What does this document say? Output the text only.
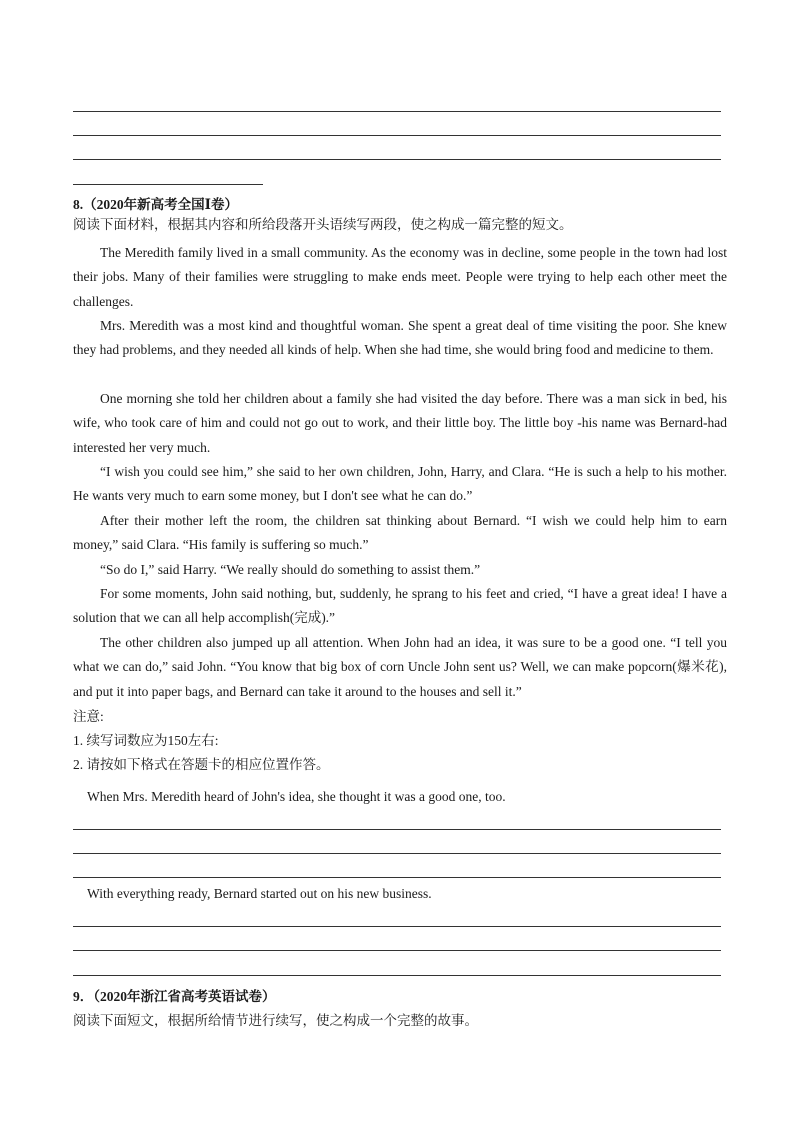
8.（2020年新高考全国Ⅰ卷）
阅读下面材料，根据其内容和所给段落开头语续写两段，使之构成一篇完整的短文。
The Meredith family lived in a small community. As the economy was in decline, some people in the town had lost their jobs. Many of their families were struggling to make ends meet. People were trying to help each other meet the challenges.
Mrs. Meredith was a most kind and thoughtful woman. She spent a great deal of time visiting the poor. She knew they had problems, and they needed all kinds of help. When she had time, she would bring food and medicine to them.
One morning she told her children about a family she had visited the day before. There was a man sick in bed, his wife, who took care of him and could not go out to work, and their little boy. The little boy -his name was Bernard-had interested her very much.
“I wish you could see him,” she said to her own children, John, Harry, and Clara. “He is such a help to his mother. He wants very much to earn some money, but I don't see what he can do.”
After their mother left the room, the children sat thinking about Bernard. “I wish we could help him to earn money,” said Clara. “His family is suffering so much.”
“So do I,” said Harry. “We really should do something to assist them.”
For some moments, John said nothing, but, suddenly, he sprang to his feet and cried, “I have a great idea! I have a solution that we can all help accomplish(完成).”
The other children also jumped up all attention. When John had an idea, it was sure to be a good one. “I tell you what we can do,” said John. “You know that big box of corn Uncle John sent us? Well, we can make popcorn(爆米花), and put it into paper bags, and Bernard can take it around to the houses and sell it.”
注意:
1. 续写词数应为150左右:
2. 请按如下格式在答题卡的相应位置作答。
When Mrs. Meredith heard of John's idea, she thought it was a good one, too.
With everything ready, Bernard started out on his new business.
9．（2020年浙江省高考英语试卷）
阅读下面短文，根据所给情节进行续写，使之构成一个完整的故事。
